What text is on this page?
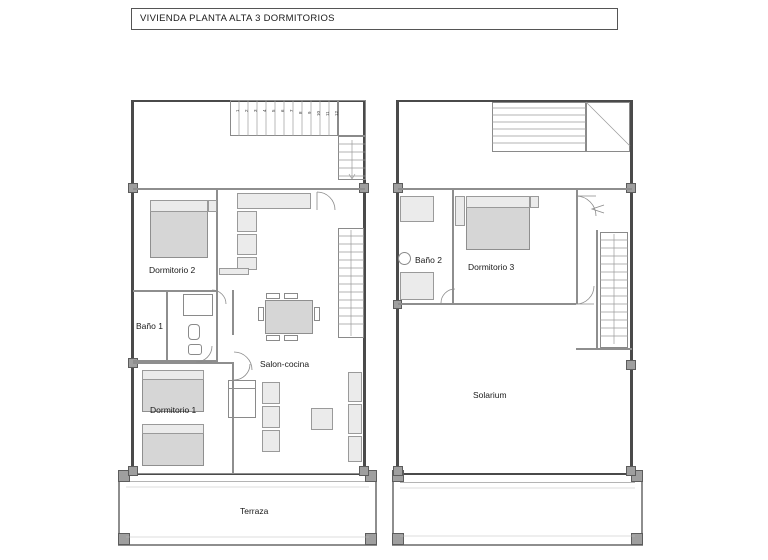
VIVIENDA PLANTA ALTA 3 DORMITORIOS
Salon-cocina
Dormitorio 2
Baño 1
Dormitorio 1
Terraza
Baño 2
Dormitorio 3
Solarium
1 2 3 4 5 6 7
8 9 10 11 12
